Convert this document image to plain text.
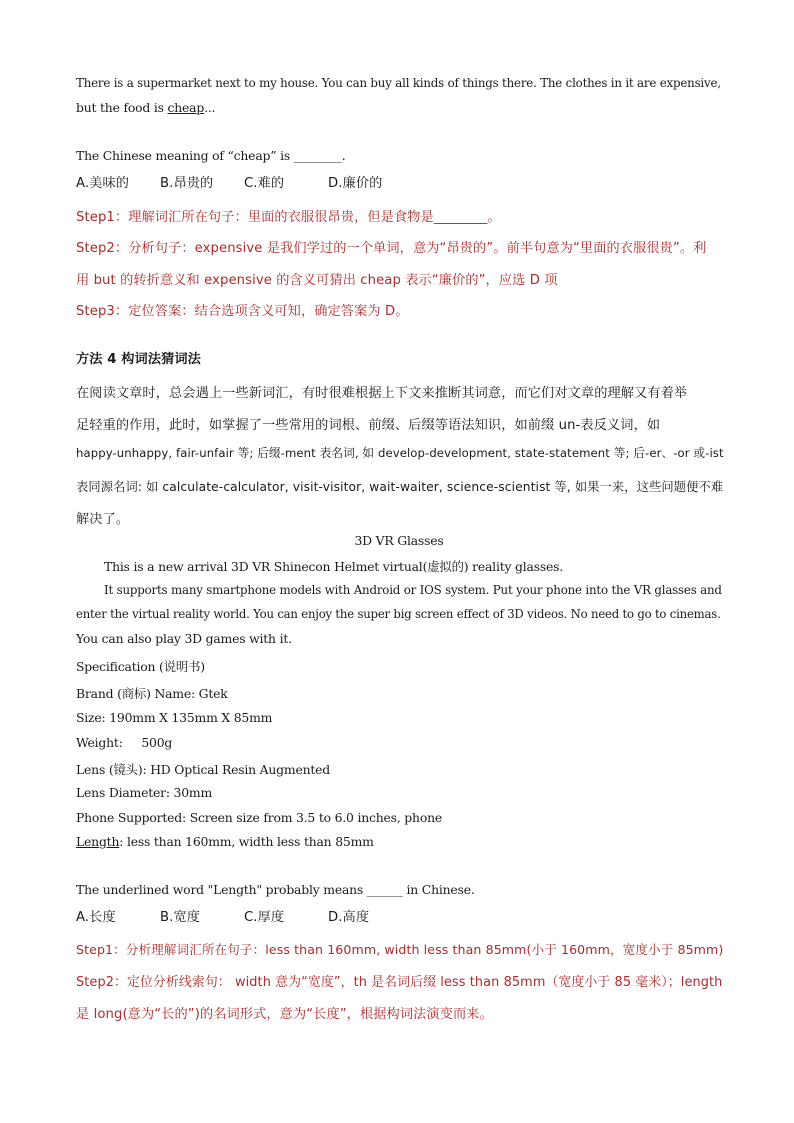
There is a supermarket next to my house. You can buy all kinds of things there. The clothes in it are expensive,
but the food is cheap...
The Chinese meaning of “cheap” is ________.
A.美味的 B.昂贵的 C.难的	D.廉价的
Step1：理解词汇所在句子：里面的衣服很昂贵，但是食物是________。
Step2：分析句子：expensive 是我们学过的一个单词，意为“昂贵的”。前半句意为“里面的衣服很贵”。利
用 but 的转折意义和 expensive 的含义可猜出 cheap 表示“廉价的”，应选 D 项
Step3：定位答案：结合选项含义可知，确定答案为 D。
方法 4 构词法猜词法
在阅读文章时，总会遇上一些新词汇，有时很难根据上下文来推断其词意，而它们对文章的理解又有着举
足轻重的作用，此时，如掌握了一些常用的词根、前缀、后缀等语法知识，如前缀 un-表反义词，如
happy-unhappy, fair-unfair 等; 后缀-ment 表名词, 如 develop-development, state-statement 等; 后-er、-or 或-ist
表同源名词: 如 calculate-calculator, visit-visitor, wait-waiter, science-scientist 等, 如果一来，这些问题便不难
解决了。
3D VR Glasses
This is a new arrival 3D VR Shinecon Helmet virtual(虚拟的) reality glasses.
It supports many smartphone models with Android or IOS system. Put your phone into the VR glasses and
enter the virtual reality world. You can enjoy the super big screen effect of 3D videos. No need to go to cinemas.
You can also play 3D games with it.
Specification (说明书)
Brand (商标) Name: Gtek
Size: 190mm X 135mm X 85mm
Weight:     500g
Lens (镜头): HD Optical Resin Augmented
Lens Diameter: 30mm
Phone Supported: Screen size from 3.5 to 6.0 inches, phone
Length: less than 160mm, width less than 85mm
The underlined word "Length" probably means ______ in Chinese.
A.长度	B.宽度	C.厚度	D.高度
Step1：分析理解词汇所在句子：less than 160mm, width less than 85mm(小于 160mm，宽度小于 85mm)
Step2：定位分析线索句： width 意为“宽度”，th 是名词后缀 less than 85mm（宽度小于 85 毫米）；length
是 long(意为“长的”)的名词形式，意为“长度”，根据构词法演变而来。
